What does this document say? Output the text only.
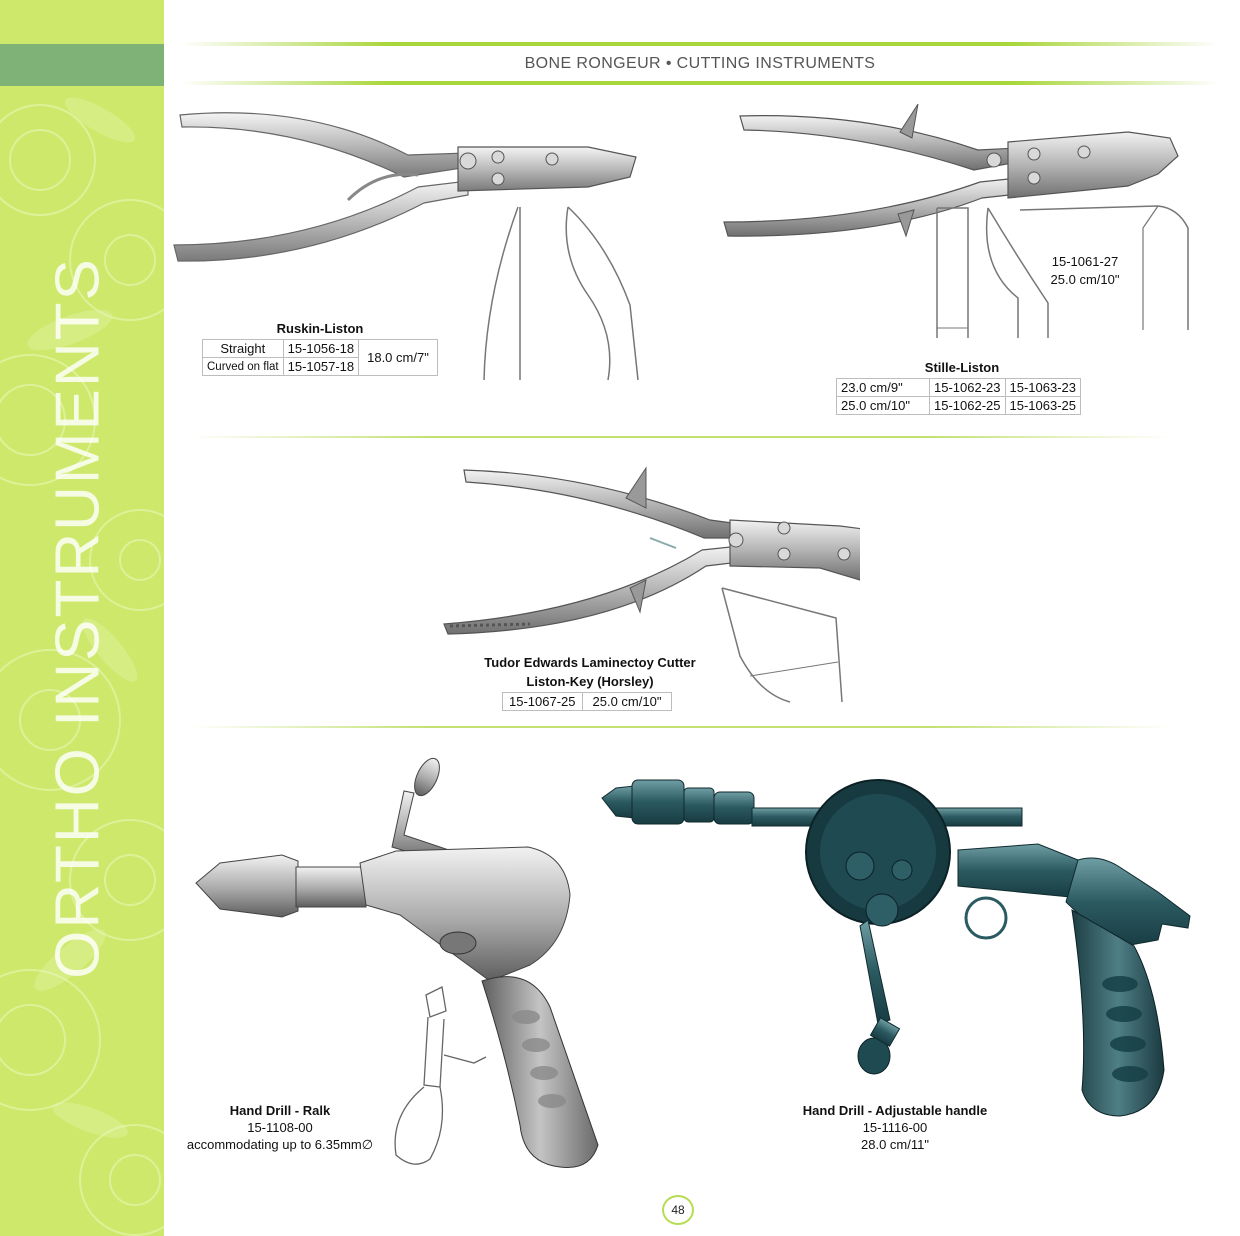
ORTHO INSTRUMENTS
BONE RONGEUR • CUTTING INSTRUMENTS
Ruskin-Liston
Straight	15-1056-18	18.0 cm/7"
Curved on flat	15-1057-18	
15-1061-27
25.0 cm/10"
Stille-Liston
23.0 cm/9"	15-1062-23	15-1063-23
25.0 cm/10"	15-1062-25	15-1063-25
Tudor Edwards Laminectoy Cutter
Liston-Key (Horsley)
15-1067-25	25.0 cm/10"
Hand Drill - Ralk
15-1108-00
accommodating up to 6.35mm∅
Hand Drill - Adjustable handle
15-1116-00
28.0 cm/11"
48
